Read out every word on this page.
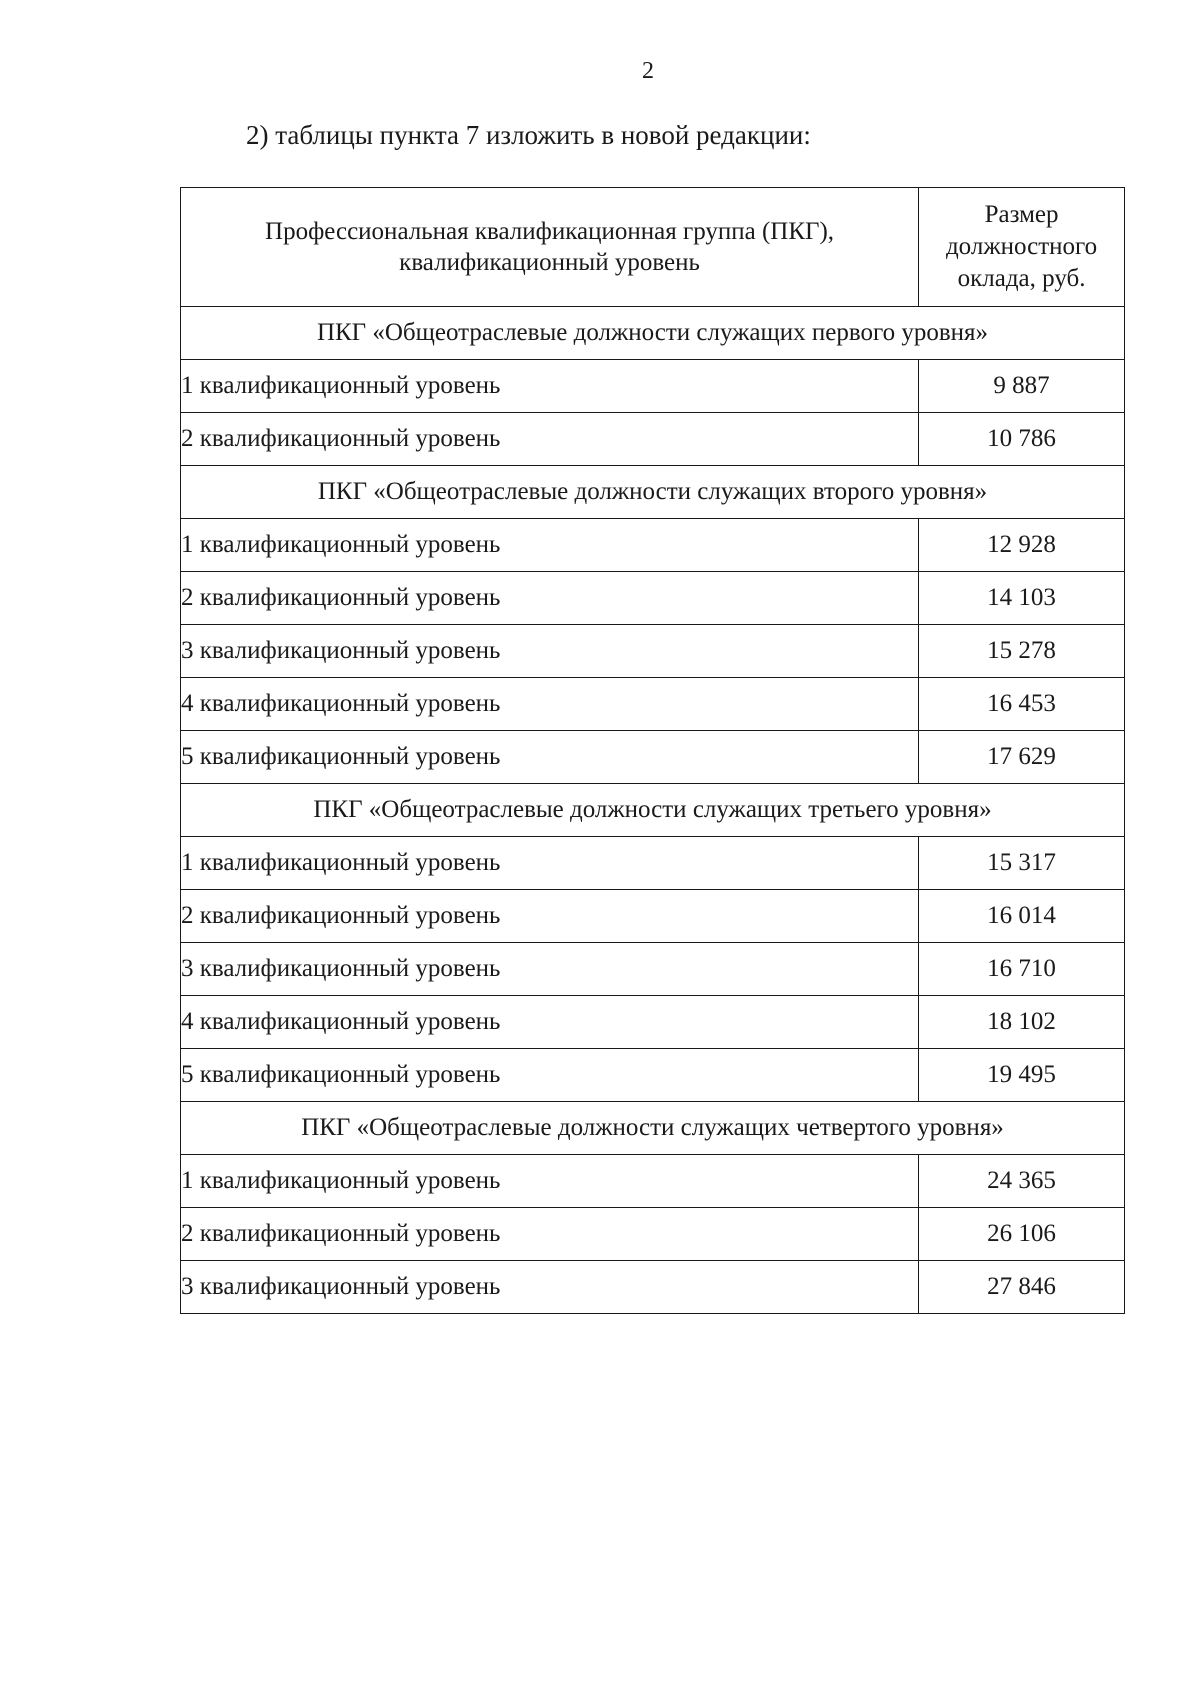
2
2) таблицы пункта 7 изложить в новой редакции:
Профессиональная квалификационная группа (ПКГ), квалификационный уровень	Размер
должностного
оклада, руб.

ПКГ «Общеотраслевые должности служащих первого уровня»	
1 квалификационный уровень	9 887
2 квалификационный уровень	10 786
ПКГ «Общеотраслевые должности служащих второго уровня»	
1 квалификационный уровень	12 928
2 квалификационный уровень	14 103
3 квалификационный уровень	15 278
4 квалификационный уровень	16 453
5 квалификационный уровень	17 629
ПКГ «Общеотраслевые должности служащих третьего уровня»	
1 квалификационный уровень	15 317
2 квалификационный уровень	16 014
3 квалификационный уровень	16 710
4 квалификационный уровень	18 102
5 квалификационный уровень	19 495
ПКГ «Общеотраслевые должности служащих четвертого уровня»	
1 квалификационный уровень	24 365
2 квалификационный уровень	26 106
3 квалификационный уровень	27 846
